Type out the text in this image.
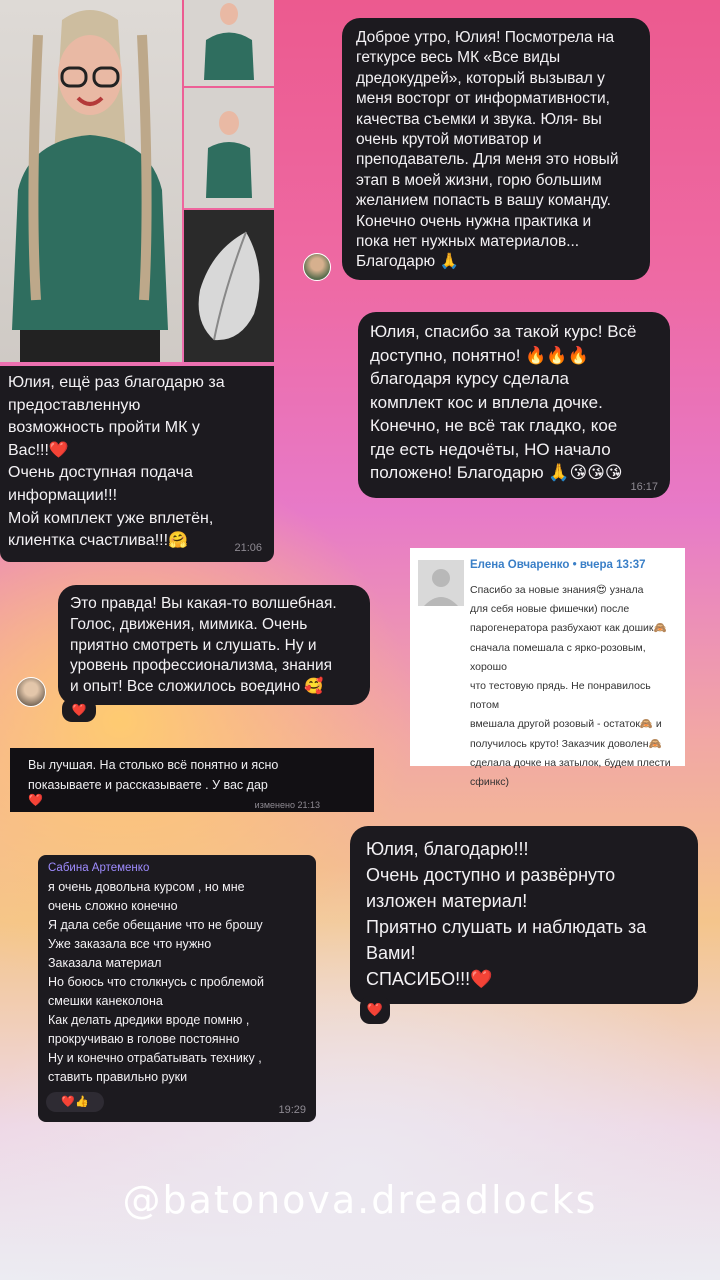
Доброе утро, Юлия! Посмотрела на
геткурсе весь МК «Все виды
дредокудрей», который вызывал у
меня восторг от информативности,
качества съемки и звука. Юля- вы
очень крутой мотиватор и
преподаватель. Для меня это новый
этап в моей жизни, горю большим
желанием попасть в вашу команду.
Конечно очень нужна практика и
пока нет нужных материалов...
Благодарю 🙏
Юлия, спасибо за такой курс! Всё
доступно, понятно! 🔥🔥🔥
благодаря курсу сделала
комплект кос и вплела дочке.
Конечно, не всё так гладко, кое
где есть недочёты, НО начало
положено! Благодарю 🙏😘😘😘
16:17
Юлия, ещё раз благодарю за
предоставленную
возможность пройти МК у
Вас!!!❤️
Очень доступная подача
информации!!!
Мой комплект уже вплетён,
клиентка счастлива!!!🤗	21:06
Елена Овчаренко • вчера 13:37
Спасибо за новые знания😍 узнала
для себя новые фишечки) после
парогенератора разбухают как дошик🙈
сначала помешала с ярко-розовым, хорошо
что тестовую прядь. Не понравилось потом
вмешала другой розовый - остаток🙈 и
получилось круто! Заказчик доволен🙈
сделала дочке на затылок, будем плести
сфинкс)
Это правда! Вы какая-то волшебная.
Голос, движения, мимика. Очень
приятно смотреть и слушать. Ну и
уровень профессионализма, знания
и опыт! Все сложилось воедино 🥰
❤️
Вы лучшая. На столько всё понятно и ясно
показываете и рассказываете . У вас дар
❤️	изменено 21:13
Юлия, благодарю!!!
Очень доступно и развёрнуто
изложен материал!
Приятно слушать и наблюдать за
Вами!
СПАСИБО!!!❤️
❤️
Сабина Артеменко
я очень довольна курсом , но мне
очень сложно конечно
Я дала себе обещание что не брошу
Уже заказала все что нужно
Заказала материал
Но боюсь что столкнусь с проблемой
смешки канеколона
Как делать дредики вроде помню ,
прокручиваю в голове постоянно
Ну и конечно отрабатывать технику ,
ставить правильно руки
❤️👍
19:29
@batonova.dreadlocks
